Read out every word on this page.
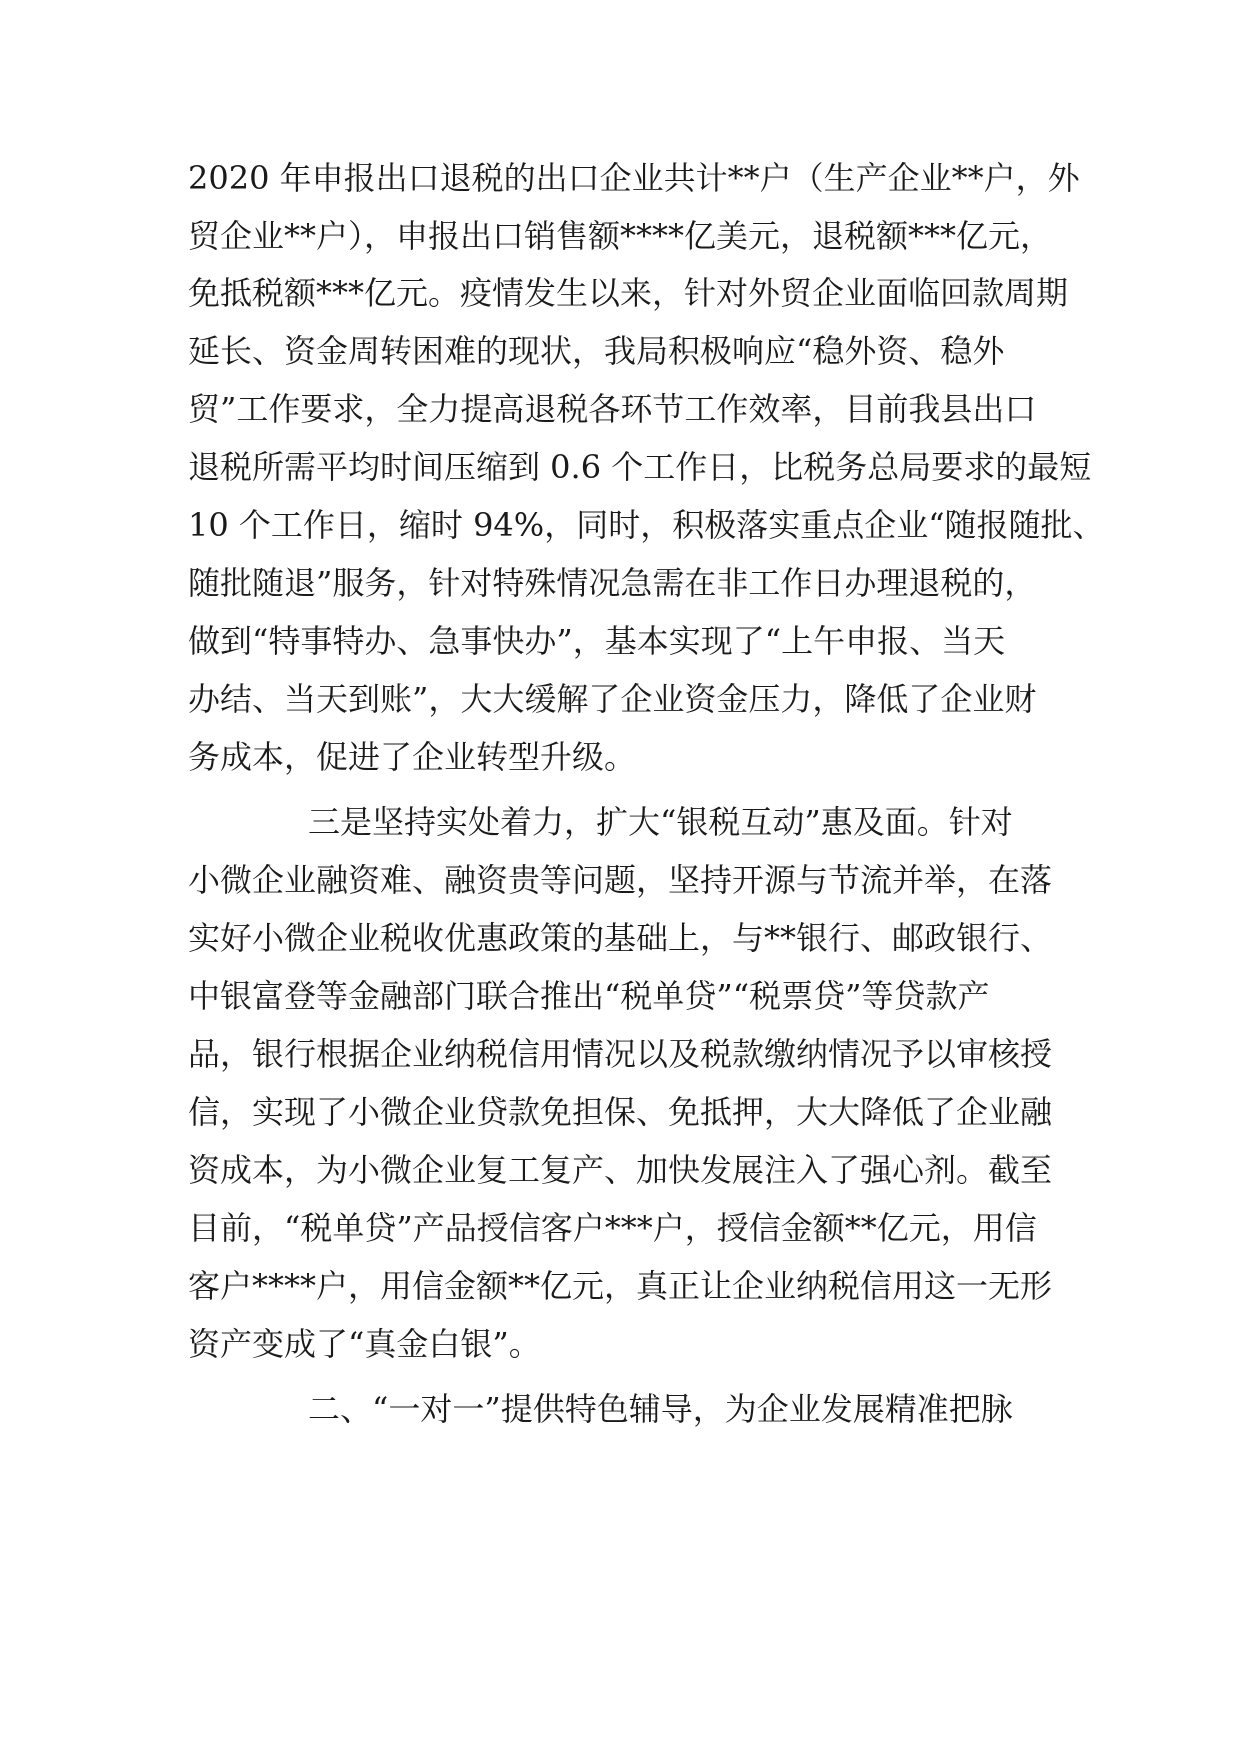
2020 年申报出口退税的出口企业共计**户（生产企业**户，外
贸企业**户），申报出口销售额****亿美元，退税额***亿元，
免抵税额***亿元。疫情发生以来，针对外贸企业面临回款周期
延长、资金周转困难的现状，我局积极响应“稳外资、稳外
贸”工作要求，全力提高退税各环节工作效率，目前我县出口
退税所需平均时间压缩到 0.6 个工作日，比税务总局要求的最短
10 个工作日，缩时 94%，同时，积极落实重点企业“随报随批、
随批随退”服务，针对特殊情况急需在非工作日办理退税的，
做到“特事特办、急事快办”，基本实现了“上午申报、当天
办结、当天到账”，大大缓解了企业资金压力，降低了企业财
务成本，促进了企业转型升级。
三是坚持实处着力，扩大“银税互动”惠及面。针对
小微企业融资难、融资贵等问题，坚持开源与节流并举，在落
实好小微企业税收优惠政策的基础上，与**银行、邮政银行、
中银富登等金融部门联合推出“税单贷”“税票贷”等贷款产
品，银行根据企业纳税信用情况以及税款缴纳情况予以审核授
信，实现了小微企业贷款免担保、免抵押，大大降低了企业融
资成本，为小微企业复工复产、加快发展注入了强心剂。截至
目前，“税单贷”产品授信客户***户，授信金额**亿元，用信
客户****户，用信金额**亿元，真正让企业纳税信用这一无形
资产变成了“真金白银”。
二、“一对一”提供特色辅导，为企业发展精准把脉
